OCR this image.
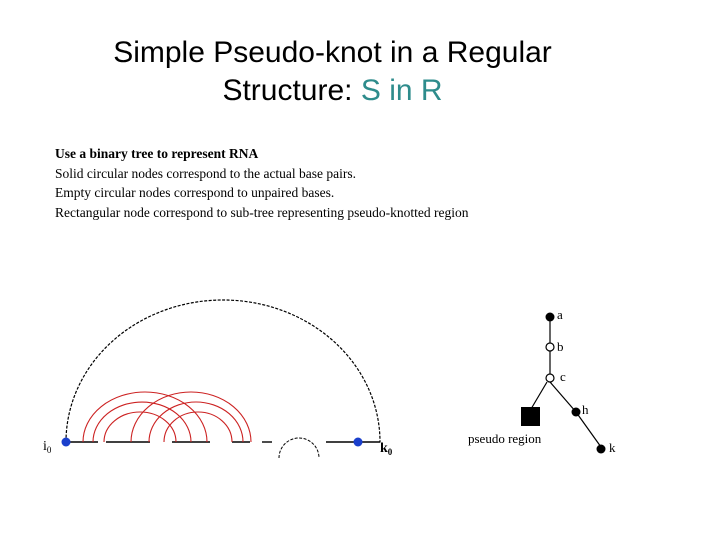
Simple Pseudo-knot in a Regular
Structure: S in R
Use a binary tree to represent RNA
Solid circular nodes correspond to the actual base pairs.
Empty circular nodes correspond to unpaired bases.
Rectangular node correspond to sub-tree representing pseudo-knotted region
$i_0$	$k_0$
a
b
c
h
k
pseudo region
